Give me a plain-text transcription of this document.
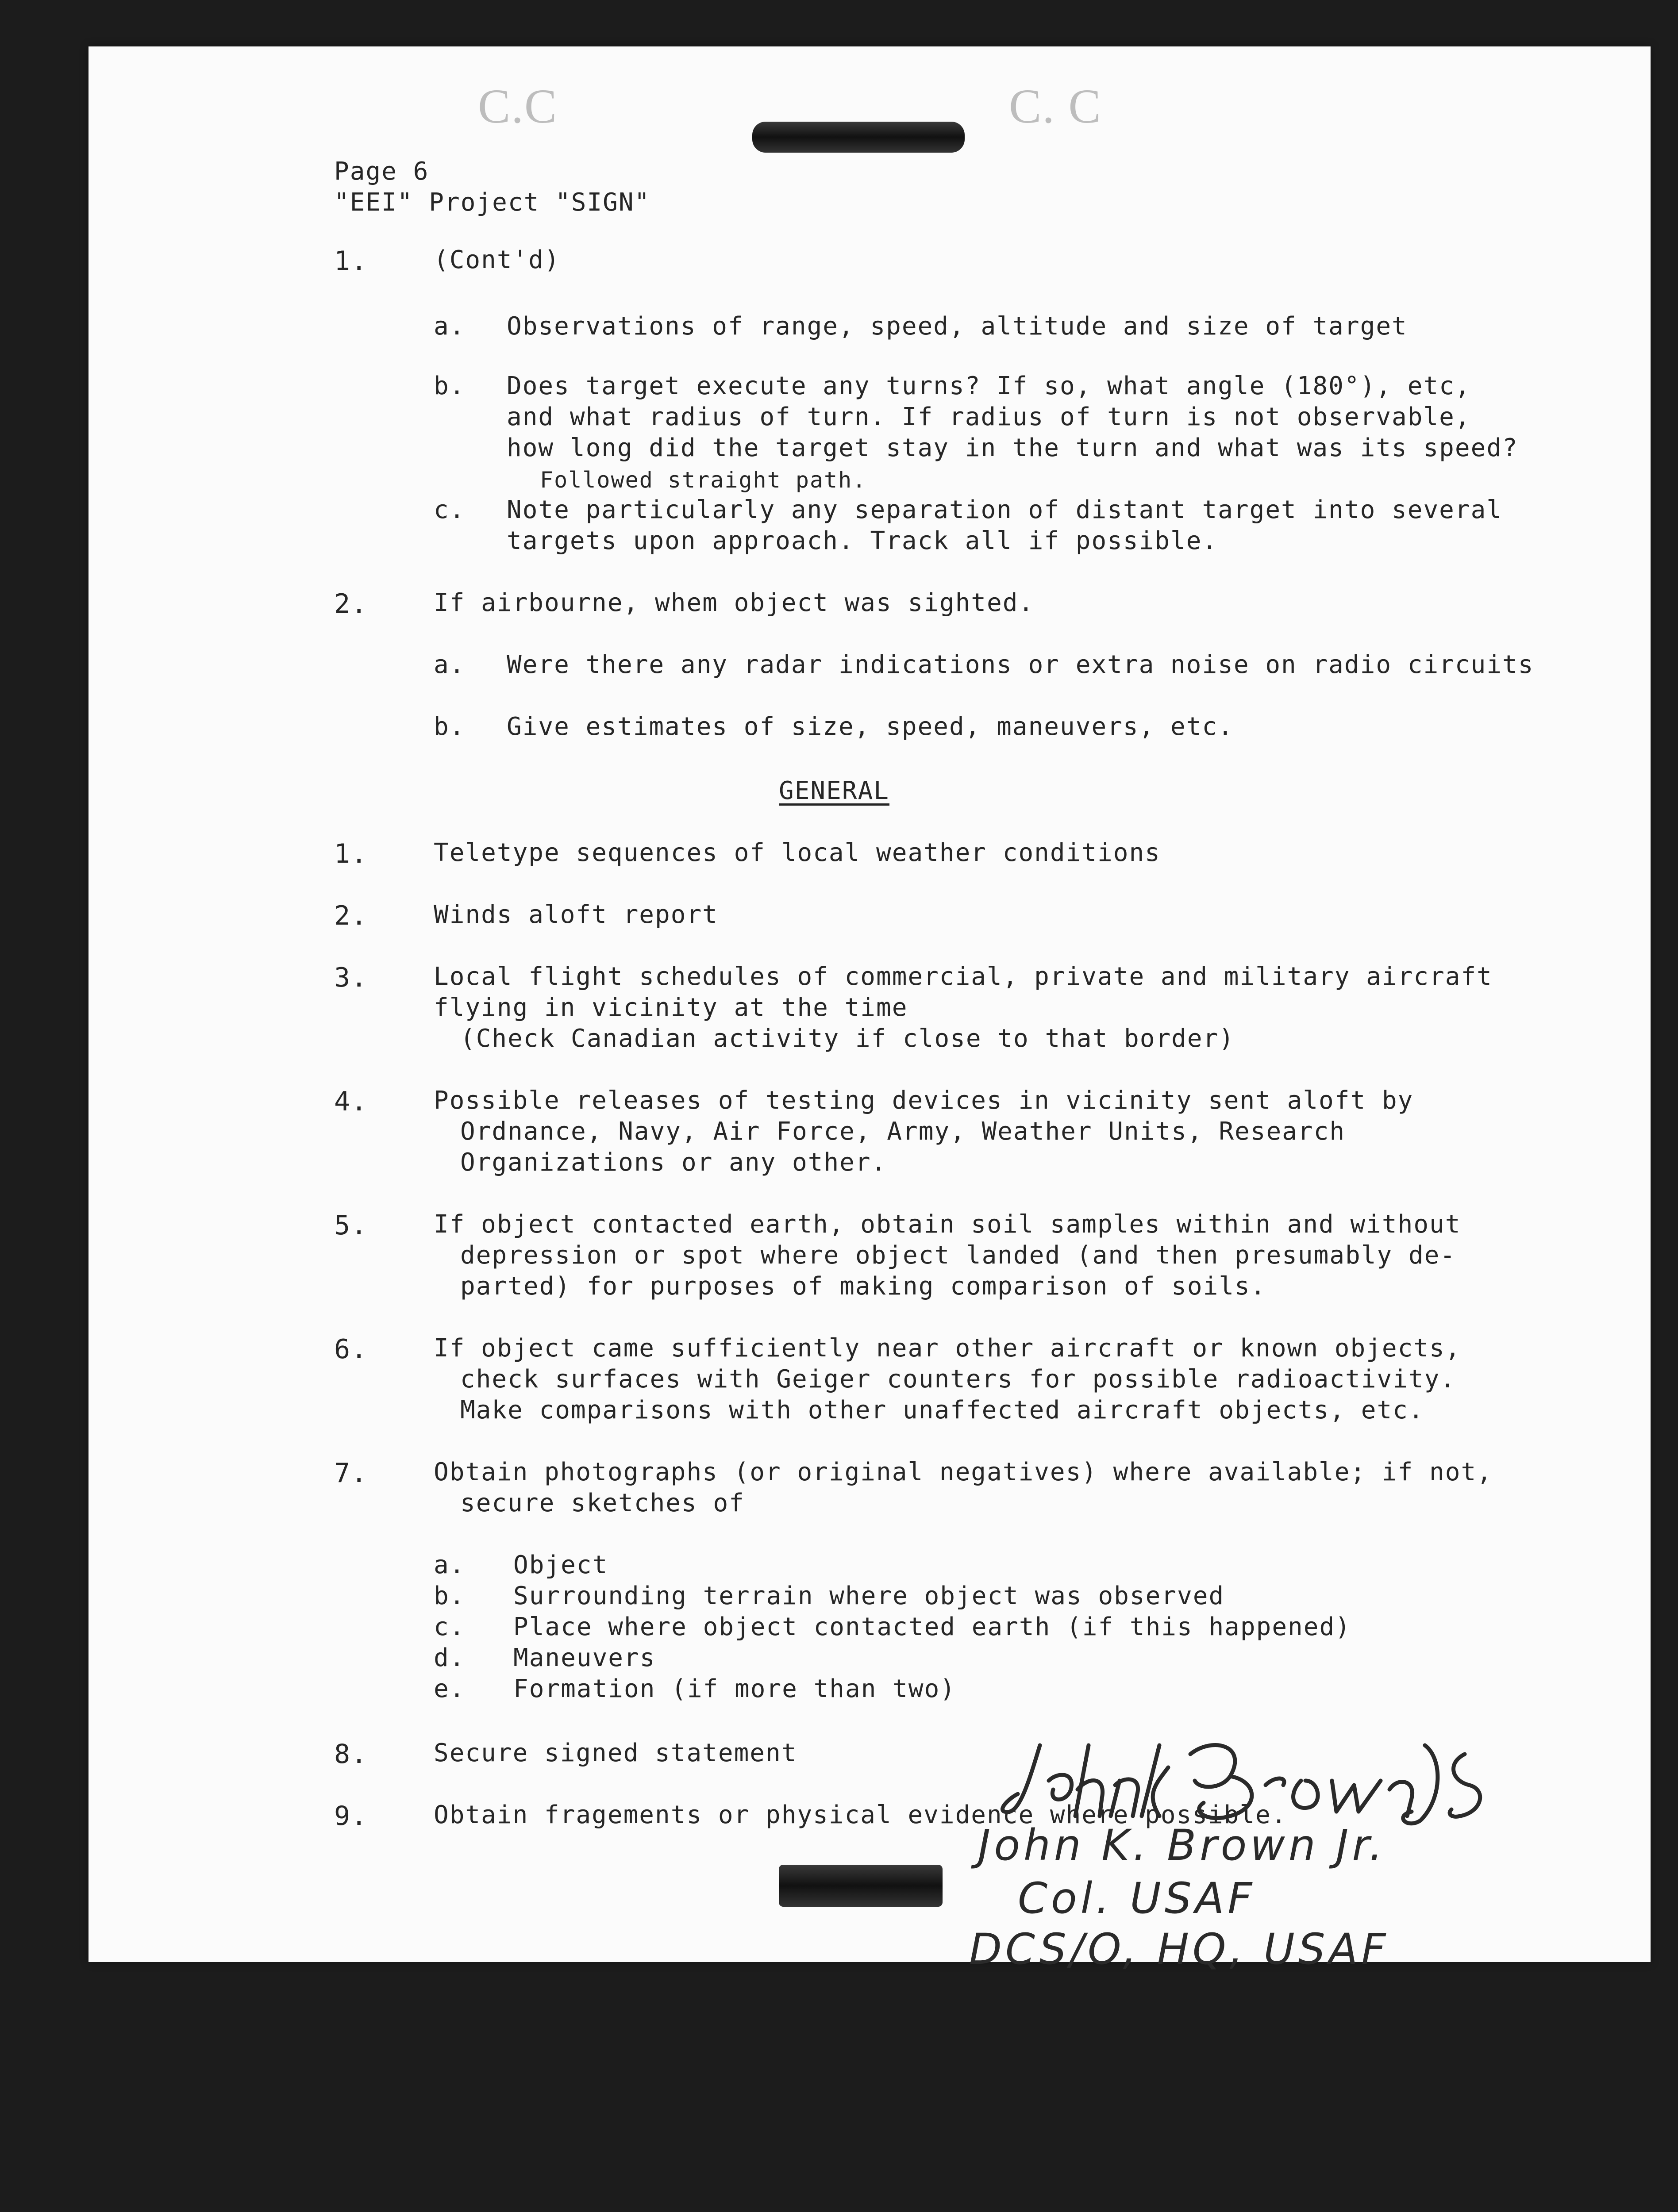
C.C	C. C
Page 6
"EEI" Project "SIGN"
1.	(Cont'd)
a. Observations of range, speed, altitude and size of target
b. Does target execute any turns? If so, what angle (180°), etc,
and what radius of turn. If radius of turn is not observable,
how long did the target stay in the turn and what was its speed?
Followed straight path.
c. Note particularly any separation of distant target into several
targets upon approach. Track all if possible.
2.	If airbourne, whem object was sighted.
a. Were there any radar indications or extra noise on radio circuits
b. Give estimates of size, speed, maneuvers, etc.
GENERAL
1.	Teletype sequences of local weather conditions
2.	Winds aloft report
3.	Local flight schedules of commercial, private and military aircraft
flying in vicinity at the time
(Check Canadian activity if close to that border)
4.	Possible releases of testing devices in vicinity sent aloft by
Ordnance, Navy, Air Force, Army, Weather Units, Research
Organizations or any other.
5.	If object contacted earth, obtain soil samples within and without
depression or spot where object landed (and then presumably de-
parted) for purposes of making comparison of soils.
6.	If object came sufficiently near other aircraft or known objects,
check surfaces with Geiger counters for possible radioactivity.
Make comparisons with other unaffected aircraft objects, etc.
7.	Obtain photographs (or original negatives) where available; if not,
secure sketches of
a. Object
b. Surrounding terrain where object was observed
c. Place where object contacted earth (if this happened)
d. Maneuvers
e. Formation (if more than two)
8.	Secure signed statement
9.	Obtain fragements or physical evidence where possible.
John K. Brown Jr.
Col. USAF
DCS/O, HQ, USAF
